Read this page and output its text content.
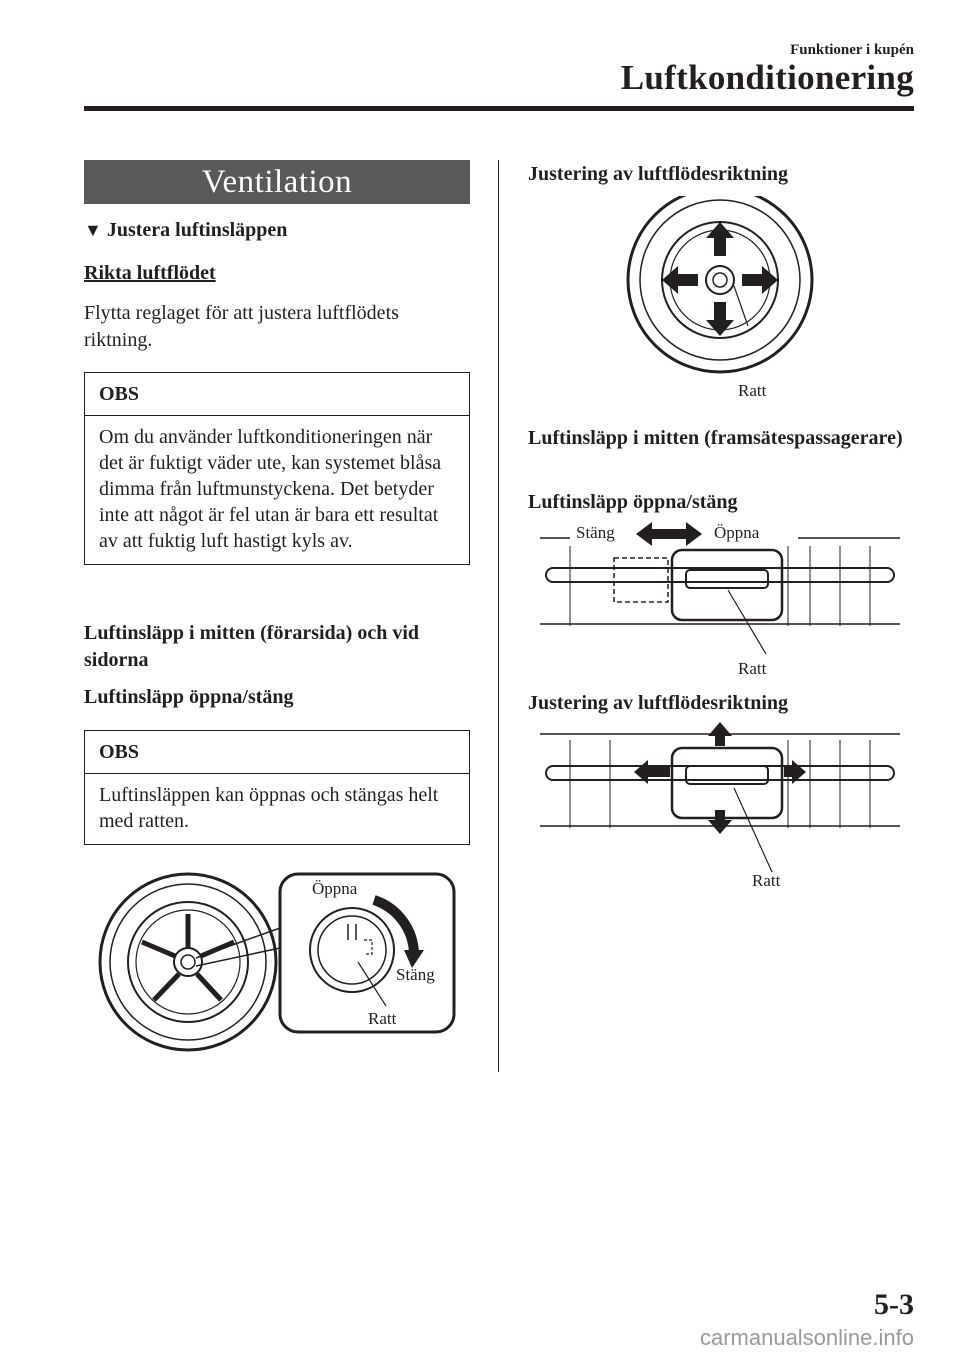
Funktioner i kupén
Luftkonditionering
Ventilation
▼ Justera luftinsläppen
Rikta luftflödet
Flytta reglaget för att justera luftflödets riktning.
OBS
Om du använder luftkonditioneringen när det är fuktigt väder ute, kan systemet blåsa dimma från luftmunstyckena. Det betyder inte att något är fel utan är bara ett resultat av att fuktig luft hastigt kyls av.
Luftinsläpp i mitten (förarsida) och vid sidorna
Luftinsläpp öppna/stäng
OBS
Luftinsläppen kan öppnas och stängas helt med ratten.
Öppna
Stäng
Ratt
Justering av luftflödesriktning
Ratt
Luftinsläpp i mitten (framsätespassagerare)
Luftinsläpp öppna/stäng
Stäng	Öppna
Ratt
Justering av luftflödesriktning
Ratt
5-3
carmanualsonline.info
